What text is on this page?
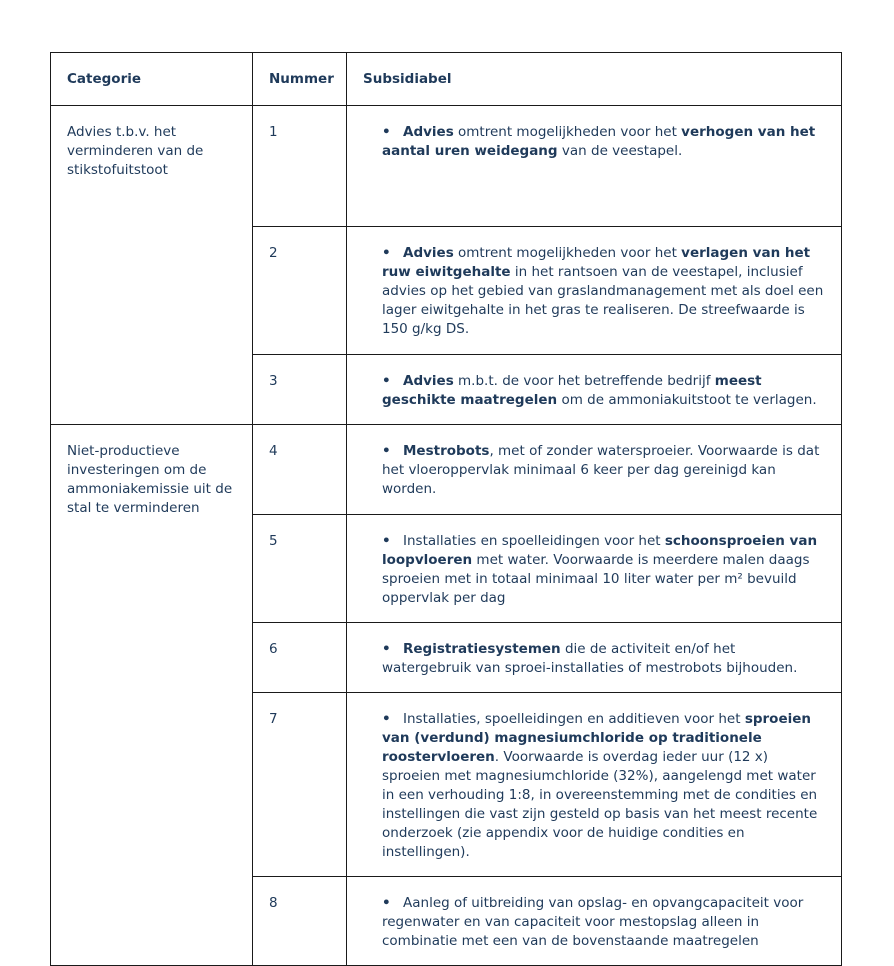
Categorie	Nummer	Subsidiabel
Advies t.b.v. het verminderen van de stikstofuitstoot	1	• Advies omtrent mogelijkheden voor het verhogen van het aantal uren weidegang van de veestapel.

	2	• Advies omtrent mogelijkheden voor het verlagen van het ruw eiwitgehalte in het rantsoen van de veestapel, inclusief advies op het gebied van graslandmanagement met als doel een lager eiwitgehalte in het gras te realiseren. De streefwaarde is 150 g/kg DS.

	3	• Advies m.b.t. de voor het betreffende bedrijf meest geschikte maatregelen om de ammoniakuitstoot te verlagen.

Niet-productieve investeringen om de ammoniakemissie uit de stal te verminderen	4	• Mestrobots, met of zonder watersproeier. Voorwaarde is dat het vloeroppervlak minimaal 6 keer per dag gereinigd kan worden.

	5	• Installaties en spoelleidingen voor het schoonsproeien van loopvloeren met water. Voorwaarde is meerdere malen daags sproeien met in totaal minimaal 10 liter water per m² bevuild oppervlak per dag

	6	• Registratiesystemen die de activiteit en/of het watergebruik van sproei-installaties of mestrobots bijhouden.

	7	• Installaties, spoelleidingen en additieven voor het sproeien van (verdund) magnesiumchloride op traditionele roostervloeren. Voorwaarde is overdag ieder uur (12 x) sproeien met magnesiumchloride (32%), aangelengd met water in een verhouding 1:8, in overeenstemming met de condities en instellingen die vast zijn gesteld op basis van het meest recente onderzoek (zie appendix voor de huidige condities en instellingen).

	8	• Aanleg of uitbreiding van opslag- en opvangcapaciteit voor regenwater en van capaciteit voor mestopslag alleen in combinatie met een van de bovenstaande maatregelen
